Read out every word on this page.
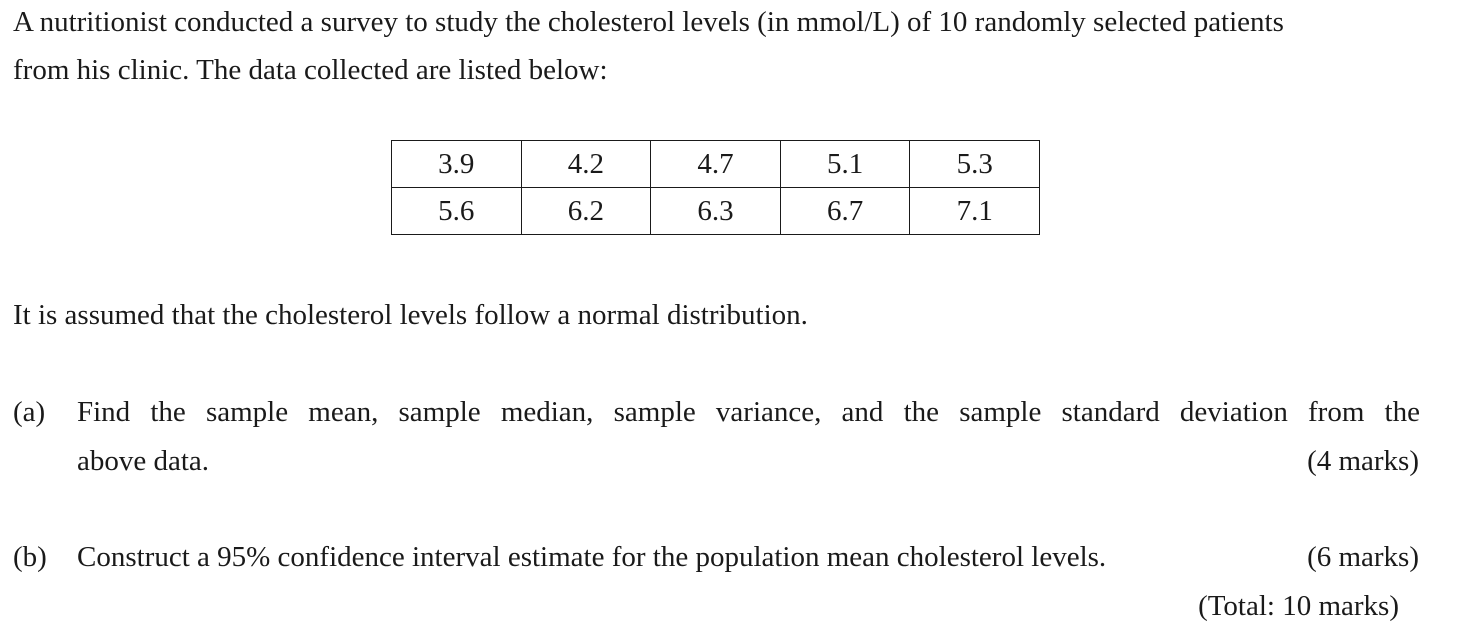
A nutritionist conducted a survey to study the cholesterol levels (in mmol/L) of 10 randomly selected patients
from his clinic. The data collected are listed below:
3.9	4.2	4.7	5.1	5.3
5.6	6.2	6.3	6.7	7.1
It is assumed that the cholesterol levels follow a normal distribution.
(a) Find the sample mean, sample median, sample variance, and the sample standard deviation from the
above data.	(4 marks)
(b) Construct a 95% confidence interval estimate for the population mean cholesterol levels.	(6 marks)
(Total: 10 marks)
